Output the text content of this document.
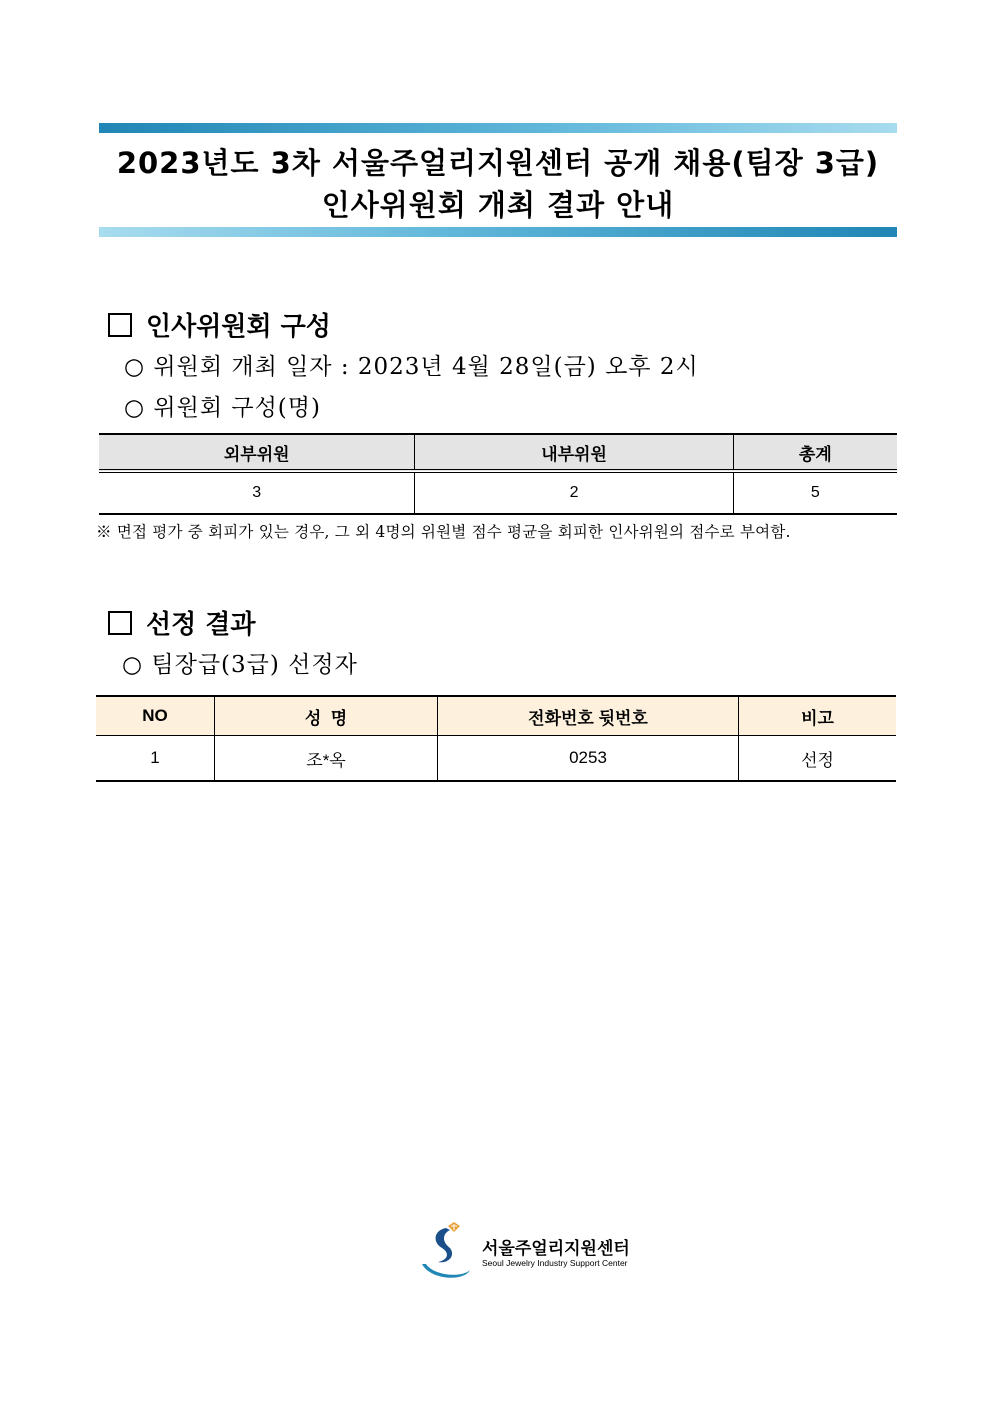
2023년도 3차 서울주얼리지원센터 공개 채용(팀장 3급)
인사위원회 개최 결과 안내
인사위원회 구성
○ 위원회 개최 일자 : 2023년 4월 28일(금) 오후 2시
○ 위원회 구성(명)
외부위원	내부위원	총계
3	2	5
※ 면접 평가 중 회피가 있는 경우, 그 외 4명의 위원별 점수 평균을 회피한 인사위원의 점수로 부여함.
선정 결과
○ 팀장급(3급) 선정자
NO	성  명	전화번호 뒷번호	비고
1	조*옥	0253	선정
서울주얼리지원센터
Seoul Jewelry Industry Support Center
